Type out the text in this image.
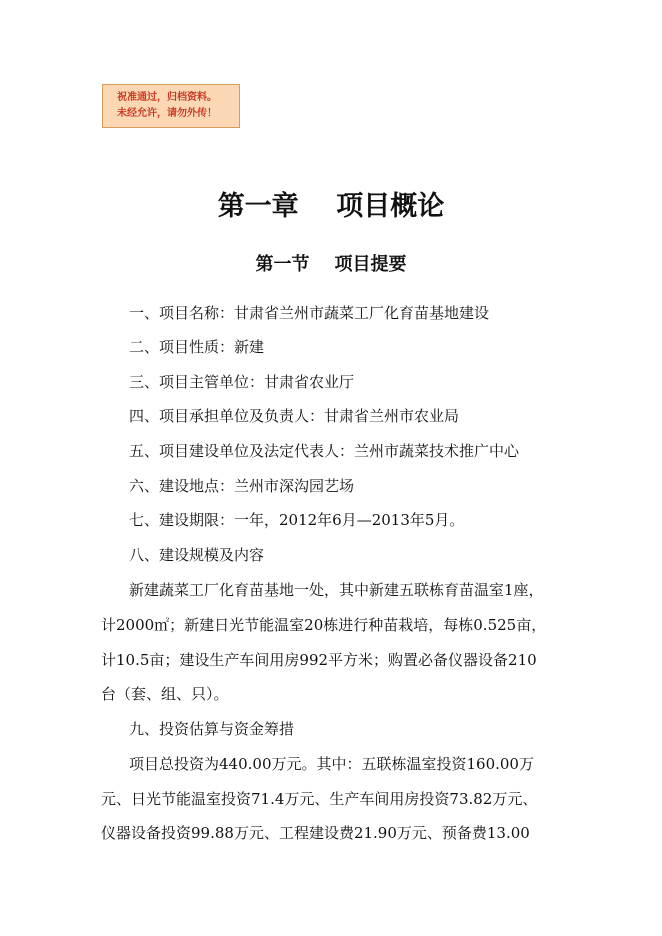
祝准通过，归档资料。
未经允许，请勿外传！
第一章    项目概论
第一节    项目提要
一、项目名称：甘肃省兰州市蔬菜工厂化育苗基地建设
二、项目性质：新建
三、项目主管单位：甘肃省农业厅
四、项目承担单位及负责人：甘肃省兰州市农业局
五、项目建设单位及法定代表人：兰州市蔬菜技术推广中心
六、建设地点：兰州市深沟园艺场
七、建设期限：一年，2012年6月—2013年5月。
八、建设规模及内容
新建蔬菜工厂化育苗基地一处，其中新建五联栋育苗温室1座，
计2000㎡；新建日光节能温室20栋进行种苗栽培，每栋0.525亩，
计10.5亩；建设生产车间用房992平方米；购置必备仪器设备210
台（套、组、只）。
九、投资估算与资金筹措
项目总投资为440.00万元。其中：五联栋温室投资160.00万
元、日光节能温室投资71.4万元、生产车间用房投资73.82万元、
仪器设备投资99.88万元、工程建设费21.90万元、预备费13.00
